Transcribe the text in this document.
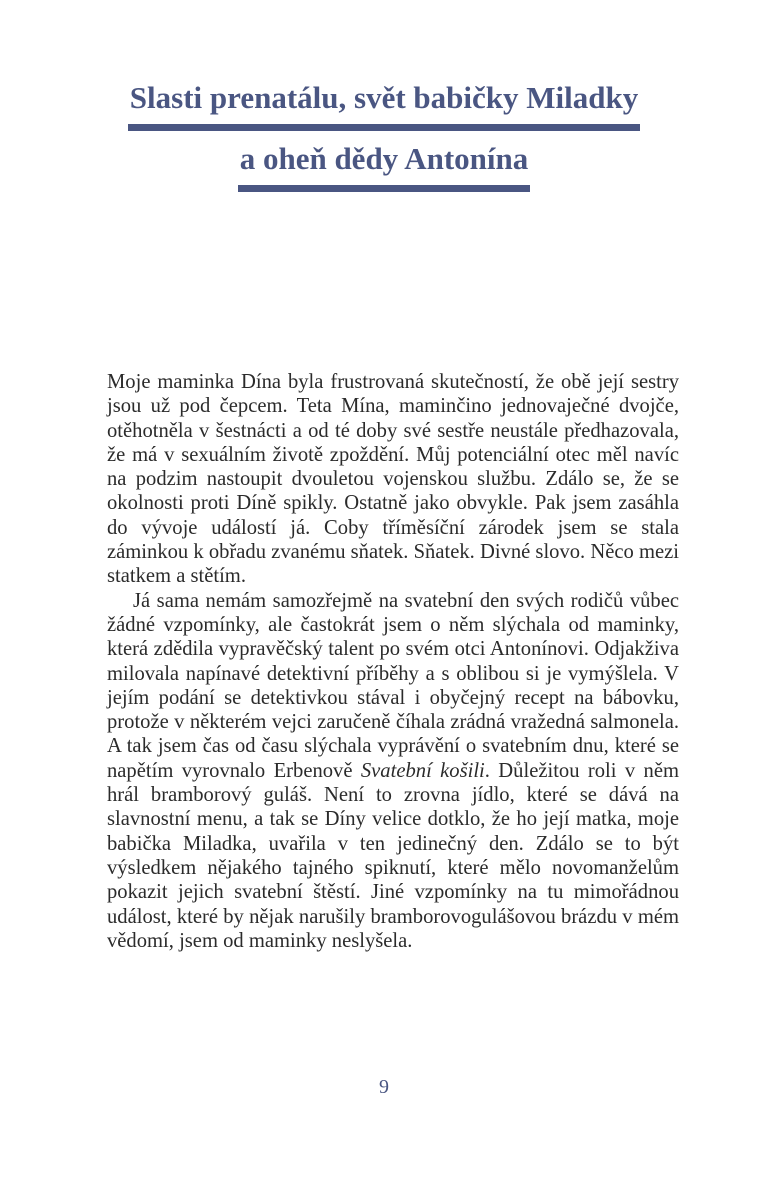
Slasti prenatálu, svět babičky Miladky
a oheň dědy Antonína

Moje maminka Dína byla frustrovaná skutečností, že obě její sestry jsou už pod čepcem. Teta Mína, maminčino jednovaječné dvojče, otěhotněla v šestnácti a od té doby své sestře neustále předhazovala, že má v sexuálním životě zpoždění. Můj potenciální otec měl navíc na podzim nastoupit dvouletou vojenskou službu. Zdálo se, že se okolnosti proti Díně spikly. Ostatně jako obvykle. Pak jsem zasáhla do vývoje událostí já. Coby tříměsíční zárodek jsem se stala záminkou k obřadu zvanému sňatek. Sňatek. Divné slovo. Něco mezi statkem a stětím.

Já sama nemám samozřejmě na svatební den svých rodičů vůbec žádné vzpomínky, ale častokrát jsem o něm slýchala od maminky, která zdědila vypravěčský talent po svém otci Antonínovi. Odjakživa milovala napínavé detektivní příběhy a s oblibou si je vymýšlela. V jejím podání se detektivkou stával i obyčejný recept na bábovku, protože v některém vejci zaručeně číhala zrádná vražedná salmonela. A tak jsem čas od času slýchala vyprávění o svatebním dnu, které se napětím vyrovnalo Erbenově Svatební košili. Důležitou roli v něm hrál bramborový guláš. Není to zrovna jídlo, které se dává na slavnostní menu, a tak se Díny velice dotklo, že ho její matka, moje babička Miladka, uvařila v ten jedinečný den. Zdálo se to být výsledkem nějakého tajného spiknutí, které mělo novomanželům pokazit jejich svatební štěstí. Jiné vzpomínky na tu mimořádnou událost, které by nějak narušily bramborovogulášovou brázdu v mém vědomí, jsem od maminky neslyšela.

9
